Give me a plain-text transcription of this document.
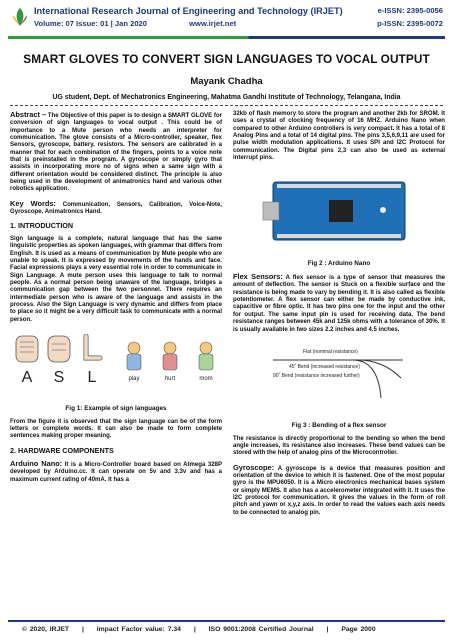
International Research Journal of Engineering and Technology (IRJET)
Volume: 07 Issue: 01 | Jan 2020	www.irjet.net
e-ISSN: 2395-0056
p-ISSN: 2395-0072
SMART GLOVES TO CONVERT SIGN LANGUAGES TO VOCAL OUTPUT
Mayank Chadha
UG student, Dept. of Mechatronics Engineering, Mahatma Gandhi Institute of Technology, Telangana, India

Abstract – The Objective of this paper is to design a SMART GLOVE for conversion of sign languages to vocal output . This could be of importance to a Mute person who needs an interpreter for communication. The glove consists of a Micro-controller, speaker, flex Sensors, gyroscope, battery, resistors. The sensors are calibrated in a manner that for each combination of the fingers, points to a voice note that is preinstalled in the program. A gyroscope or simply gyro that assists in incorporating more no of signs when a same sign with a different orientation would be considered distinct. The principle is also being used in the development of animatronics hand and various other robotics application.

Key Words: Communication, Sensors, Calibration, Voice-Note, Gyroscope, Animatronics Hand.

1. INTRODUCTION

Sign language is a complete, natural language that has the same linguistic properties as spoken languages, with grammar that differs from English. It is used as a means of communication by Mute people who are unable to speak. It is expressed by movements of the hands and face. Facial expressions plays a very essential role in order to communicate in Sign Language. A mute person uses this language to talk to normal people. As a normal person being unaware of the language, bridges a communication gap between the two personnel. There requires an intermediate person who is aware of the language and assists in the process. Also the Sign Language is very dynamic and differs from place to place so it might be a very difficult task to communicate with a normal person.

A S L	play	hurt	mom
Fig 1: Example of sign languages

From the figure it is observed that the sign language can be of the form letters or complete words. It can also be made to form complete sentences making proper meaning.

2. HARDWARE COMPONENTS

Arduino Nano: It is a Micro-Controller board based on Atmega 328P developed by Arduino.cc. It can operate on 5v and 3.3v and has a maximum current rating of 40mA. It has a

32kb of flash memory to store the program and another 2kb for SROM. It uses a crystal of clocking frequency of 16 MHZ. Arduino Nano when compared to other Arduino controllers is very compact. It has a total of 8 Analog Pins and a total of 14 digital pins. The pins 3,5,6,9,11 are used for pulse width modulation applications. It uses SPI and I2C Protocol for communication. The Digital pins 2,3 can also be used as external interrupt pins.

Fig 2 : Arduino Nano

Flex Sensors: A flex sensor is a type of sensor that measures the amount of deflection. The sensor is Stuck on a flexible surface and the resistance is being made to vary by bending it. It is also called as flexible potentiometer. A flex sensor can either be made by conductive ink, capacitive or fibre optic. It has two pins one for the input and the other for output. The same input pin is used for receiving data. The bend resistance ranges between 45k and 125k ohms with a tolerance of 30%. It is usually available in two sizes 2.2 inches and 4.5 inches.

Flat (nominal resistance)
45˚ Bend (increased resistance)
90˚ Bend (resistance increased further)
Fig 3 : Bending of a flex sensor

The resistance is directly proportional to the bending so when the bend angle increases, its resistance also increases. These bend values can be stored with the help of analog pins of the Microcontroller.

Gyroscope: A gyroscope is a device that measures position and orientation of the device to which it is fastened. One of the most popular gyro is the MPU6050. It is a Micro electronics mechanical bases system or simply MEMS. It also has a accelerometer integrated with it. It uses the I2C protocol for communication. It gives the values in the form of roll pitch and yawn or x,y,z axis. In order to read the values each axis needs to be connected to analog pin.

© 2020, IRJET | Impact Factor value: 7.34 | ISO 9001:2008 Certified Journal | Page 2000
